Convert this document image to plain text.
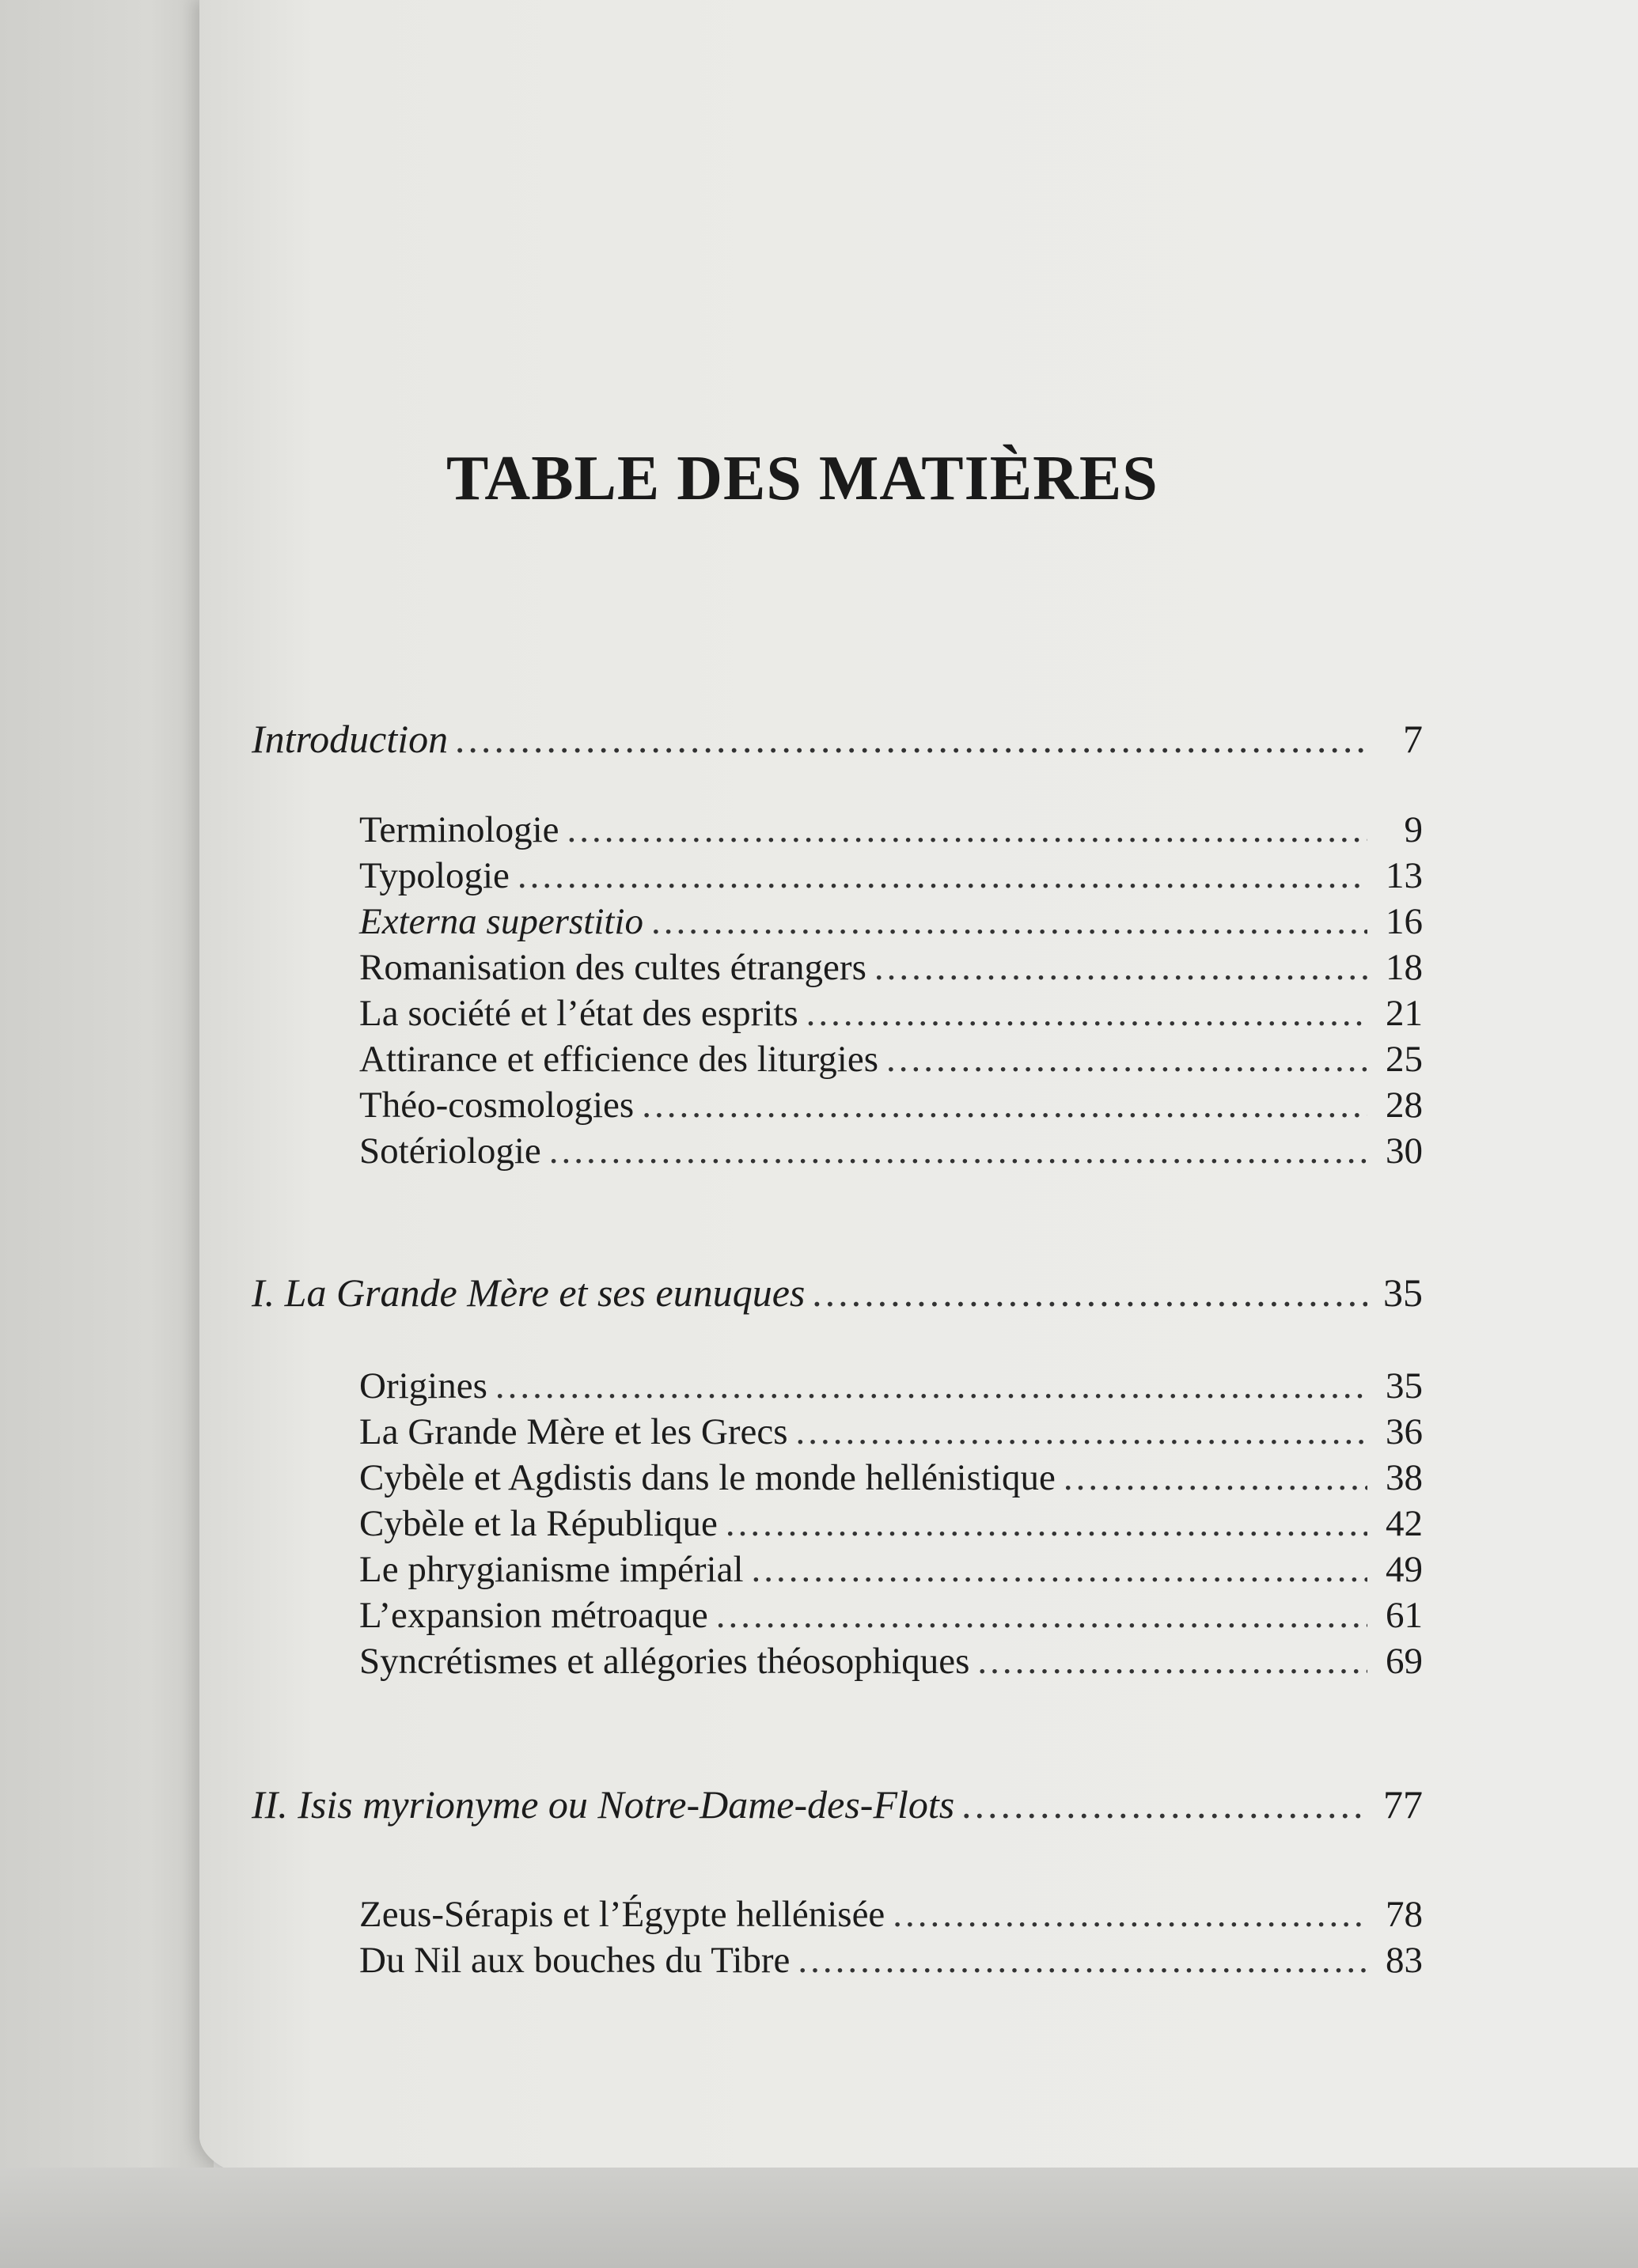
TABLE DES MATIÈRES
Introduction .....	7
Terminologie .....	9
Typologie .....	13
Externa superstitio .....	16
Romanisation des cultes étrangers .....	18
La société et l’état des esprits .....	21
Attirance et efficience des liturgies .....	25
Théo-cosmologies .....	28
Sotériologie .....	30
I. La Grande Mère et ses eunuques .....	35
Origines .....	35
La Grande Mère et les Grecs .....	36
Cybèle et Agdistis dans le monde hellénistique .....	38
Cybèle et la République .....	42
Le phrygianisme impérial .....	49
L’expansion métroaque .....	61
Syncrétismes et allégories théosophiques .....	69
II. Isis myrionyme ou Notre-Dame-des-Flots .....	77
Zeus-Sérapis et l’Égypte hellénisée .....	78
Du Nil aux bouches du Tibre .....	83
